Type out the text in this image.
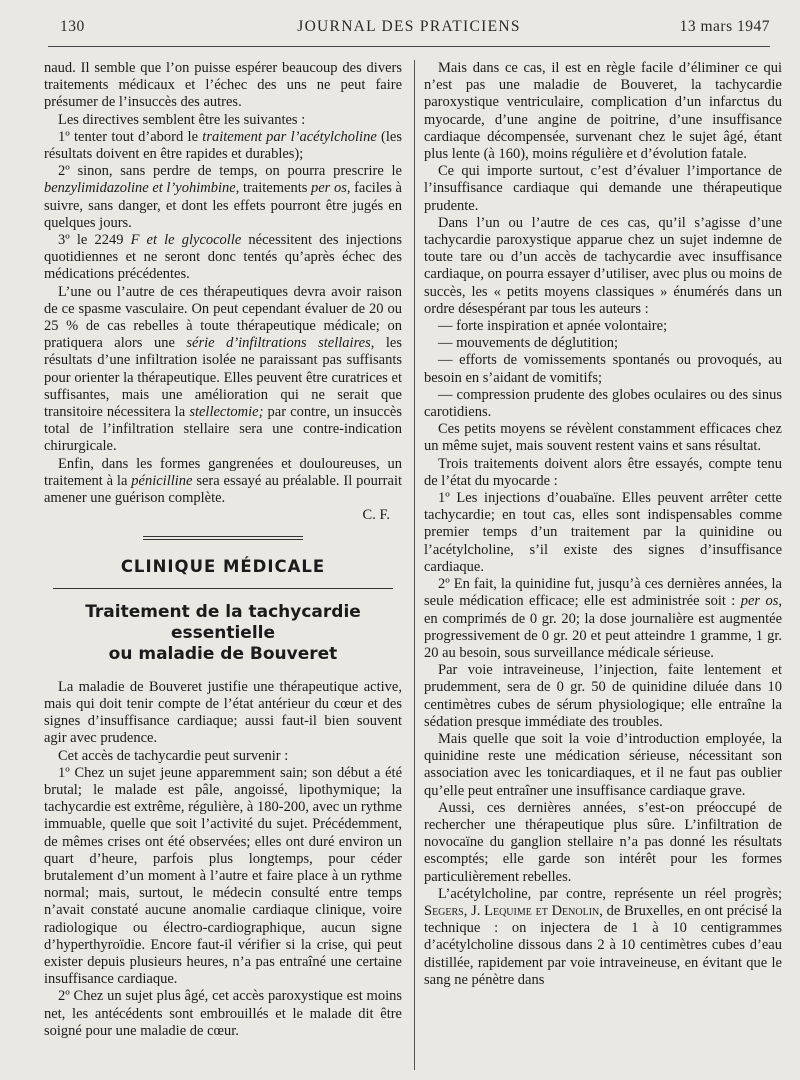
130	JOURNAL DES PRATICIENS	13 mars 1947

naud. Il semble que l’on puisse espérer beaucoup des divers traitements médicaux et l’échec des uns ne peut faire présumer de l’insuccès des autres.

Les directives semblent être les suivantes :

1º tenter tout d’abord le traitement par l’acétylcholine (les résultats doivent en être rapides et durables);

2º sinon, sans perdre de temps, on pourra prescrire le benzylimidazoline et l’yohimbine, traitements per os, faciles à suivre, sans danger, et dont les effets pourront être jugés en quelques jours.

3º le 2249 F et le glycocolle nécessitent des injections quotidiennes et ne seront donc tentés qu’après échec des médications précédentes.

L’une ou l’autre de ces thérapeutiques devra avoir raison de ce spasme vasculaire. On peut cependant évaluer de 20 ou 25 % de cas rebelles à toute thérapeutique médicale; on pratiquera alors une série d’infiltrations stellaires, les résultats d’une infiltration isolée ne paraissant pas suffisants pour orienter la thérapeutique. Elles peuvent être curatrices et suffisantes, mais une amélioration qui ne serait que transitoire nécessitera la stellectomie; par contre, un insuccès total de l’infiltration stellaire sera une contre-indication chirurgicale.

Enfin, dans les formes gangrenées et douloureuses, un traitement à la pénicilline sera essayé au préalable. Il pourrait amener une guérison complète.

C. F.

CLINIQUE MÉDICALE
Traitement de la tachycardie essentielle
ou maladie de Bouveret

La maladie de Bouveret justifie une thérapeutique active, mais qui doit tenir compte de l’état antérieur du cœur et des signes d’insuffisance cardiaque; aussi faut-il bien souvent agir avec prudence.

Cet accès de tachycardie peut survenir :

1º Chez un sujet jeune apparemment sain; son début a été brutal; le malade est pâle, angoissé, lipothymique; la tachycardie est extrême, régulière, à 180-200, avec un rythme immuable, quelle que soit l’activité du sujet. Précédemment, de mêmes crises ont été observées; elles ont duré environ un quart d’heure, parfois plus longtemps, pour céder brutalement d’un moment à l’autre et faire place à un rythme normal; mais, surtout, le médecin consulté entre temps n’avait constaté aucune anomalie cardiaque clinique, voire radiologique ou électro-cardiographique, aucun signe d’hyperthyroïdie. Encore faut-il vérifier si la crise, qui peut exister depuis plusieurs heures, n’a pas entraîné une certaine insuffisance cardiaque.

2º Chez un sujet plus âgé, cet accès paroxystique est moins net, les antécédents sont embrouillés et le malade dit être soigné pour une maladie de cœur.

Mais dans ce cas, il est en règle facile d’éliminer ce qui n’est pas une maladie de Bouveret, la tachycardie paroxystique ventriculaire, complication d’un infarctus du myocarde, d’une angine de poitrine, d’une insuffisance cardiaque décompensée, survenant chez le sujet âgé, étant plus lente (à 160), moins régulière et d’évolution fatale.

Ce qui importe surtout, c’est d’évaluer l’importance de l’insuffisance cardiaque qui demande une thérapeutique prudente.

Dans l’un ou l’autre de ces cas, qu’il s’agisse d’une tachycardie paroxystique apparue chez un sujet indemne de toute tare ou d’un accès de tachycardie avec insuffisance cardiaque, on pourra essayer d’utiliser, avec plus ou moins de succès, les « petits moyens classiques » énumérés dans un ordre désespérant par tous les auteurs :

— forte inspiration et apnée volontaire;

— mouvements de déglutition;

— efforts de vomissements spontanés ou provoqués, au besoin en s’aidant de vomitifs;

— compression prudente des globes oculaires ou des sinus carotidiens.

Ces petits moyens se révèlent constamment efficaces chez un même sujet, mais souvent restent vains et sans résultat.

Trois traitements doivent alors être essayés, compte tenu de l’état du myocarde :

1º Les injections d’ouabaïne. Elles peuvent arrêter cette tachycardie; en tout cas, elles sont indispensables comme premier temps d’un traitement par la quinidine ou l’acétylcholine, s’il existe des signes d’insuffisance cardiaque.

2º En fait, la quinidine fut, jusqu’à ces dernières années, la seule médication efficace; elle est administrée soit : per os, en comprimés de 0 gr. 20; la dose journalière est augmentée progressivement de 0 gr. 20 et peut atteindre 1 gramme, 1 gr. 20 au besoin, sous surveillance médicale sérieuse.

Par voie intraveineuse, l’injection, faite lentement et prudemment, sera de 0 gr. 50 de quinidine diluée dans 10 centimètres cubes de sérum physiologique; elle entraîne la sédation presque immédiate des troubles.

Mais quelle que soit la voie d’introduction employée, la quinidine reste une médication sérieuse, nécessitant son association avec les tonicardiaques, et il ne faut pas oublier qu’elle peut entraîner une insuffisance cardiaque grave.

Aussi, ces dernières années, s’est-on préoccupé de rechercher une thérapeutique plus sûre. L’infiltration de novocaïne du ganglion stellaire n’a pas donné les résultats escomptés; elle garde son intérêt pour les formes particulièrement rebelles.

L’acétylcholine, par contre, représente un réel progrès; Segers, J. Lequime et Denolin, de Bruxelles, en ont précisé la technique : on injectera de 1 à 10 centigrammes d’acétylcholine dissous dans 2 à 10 centimètres cubes d’eau distillée, rapidement par voie intraveineuse, en évitant que le sang ne pénètre dans
